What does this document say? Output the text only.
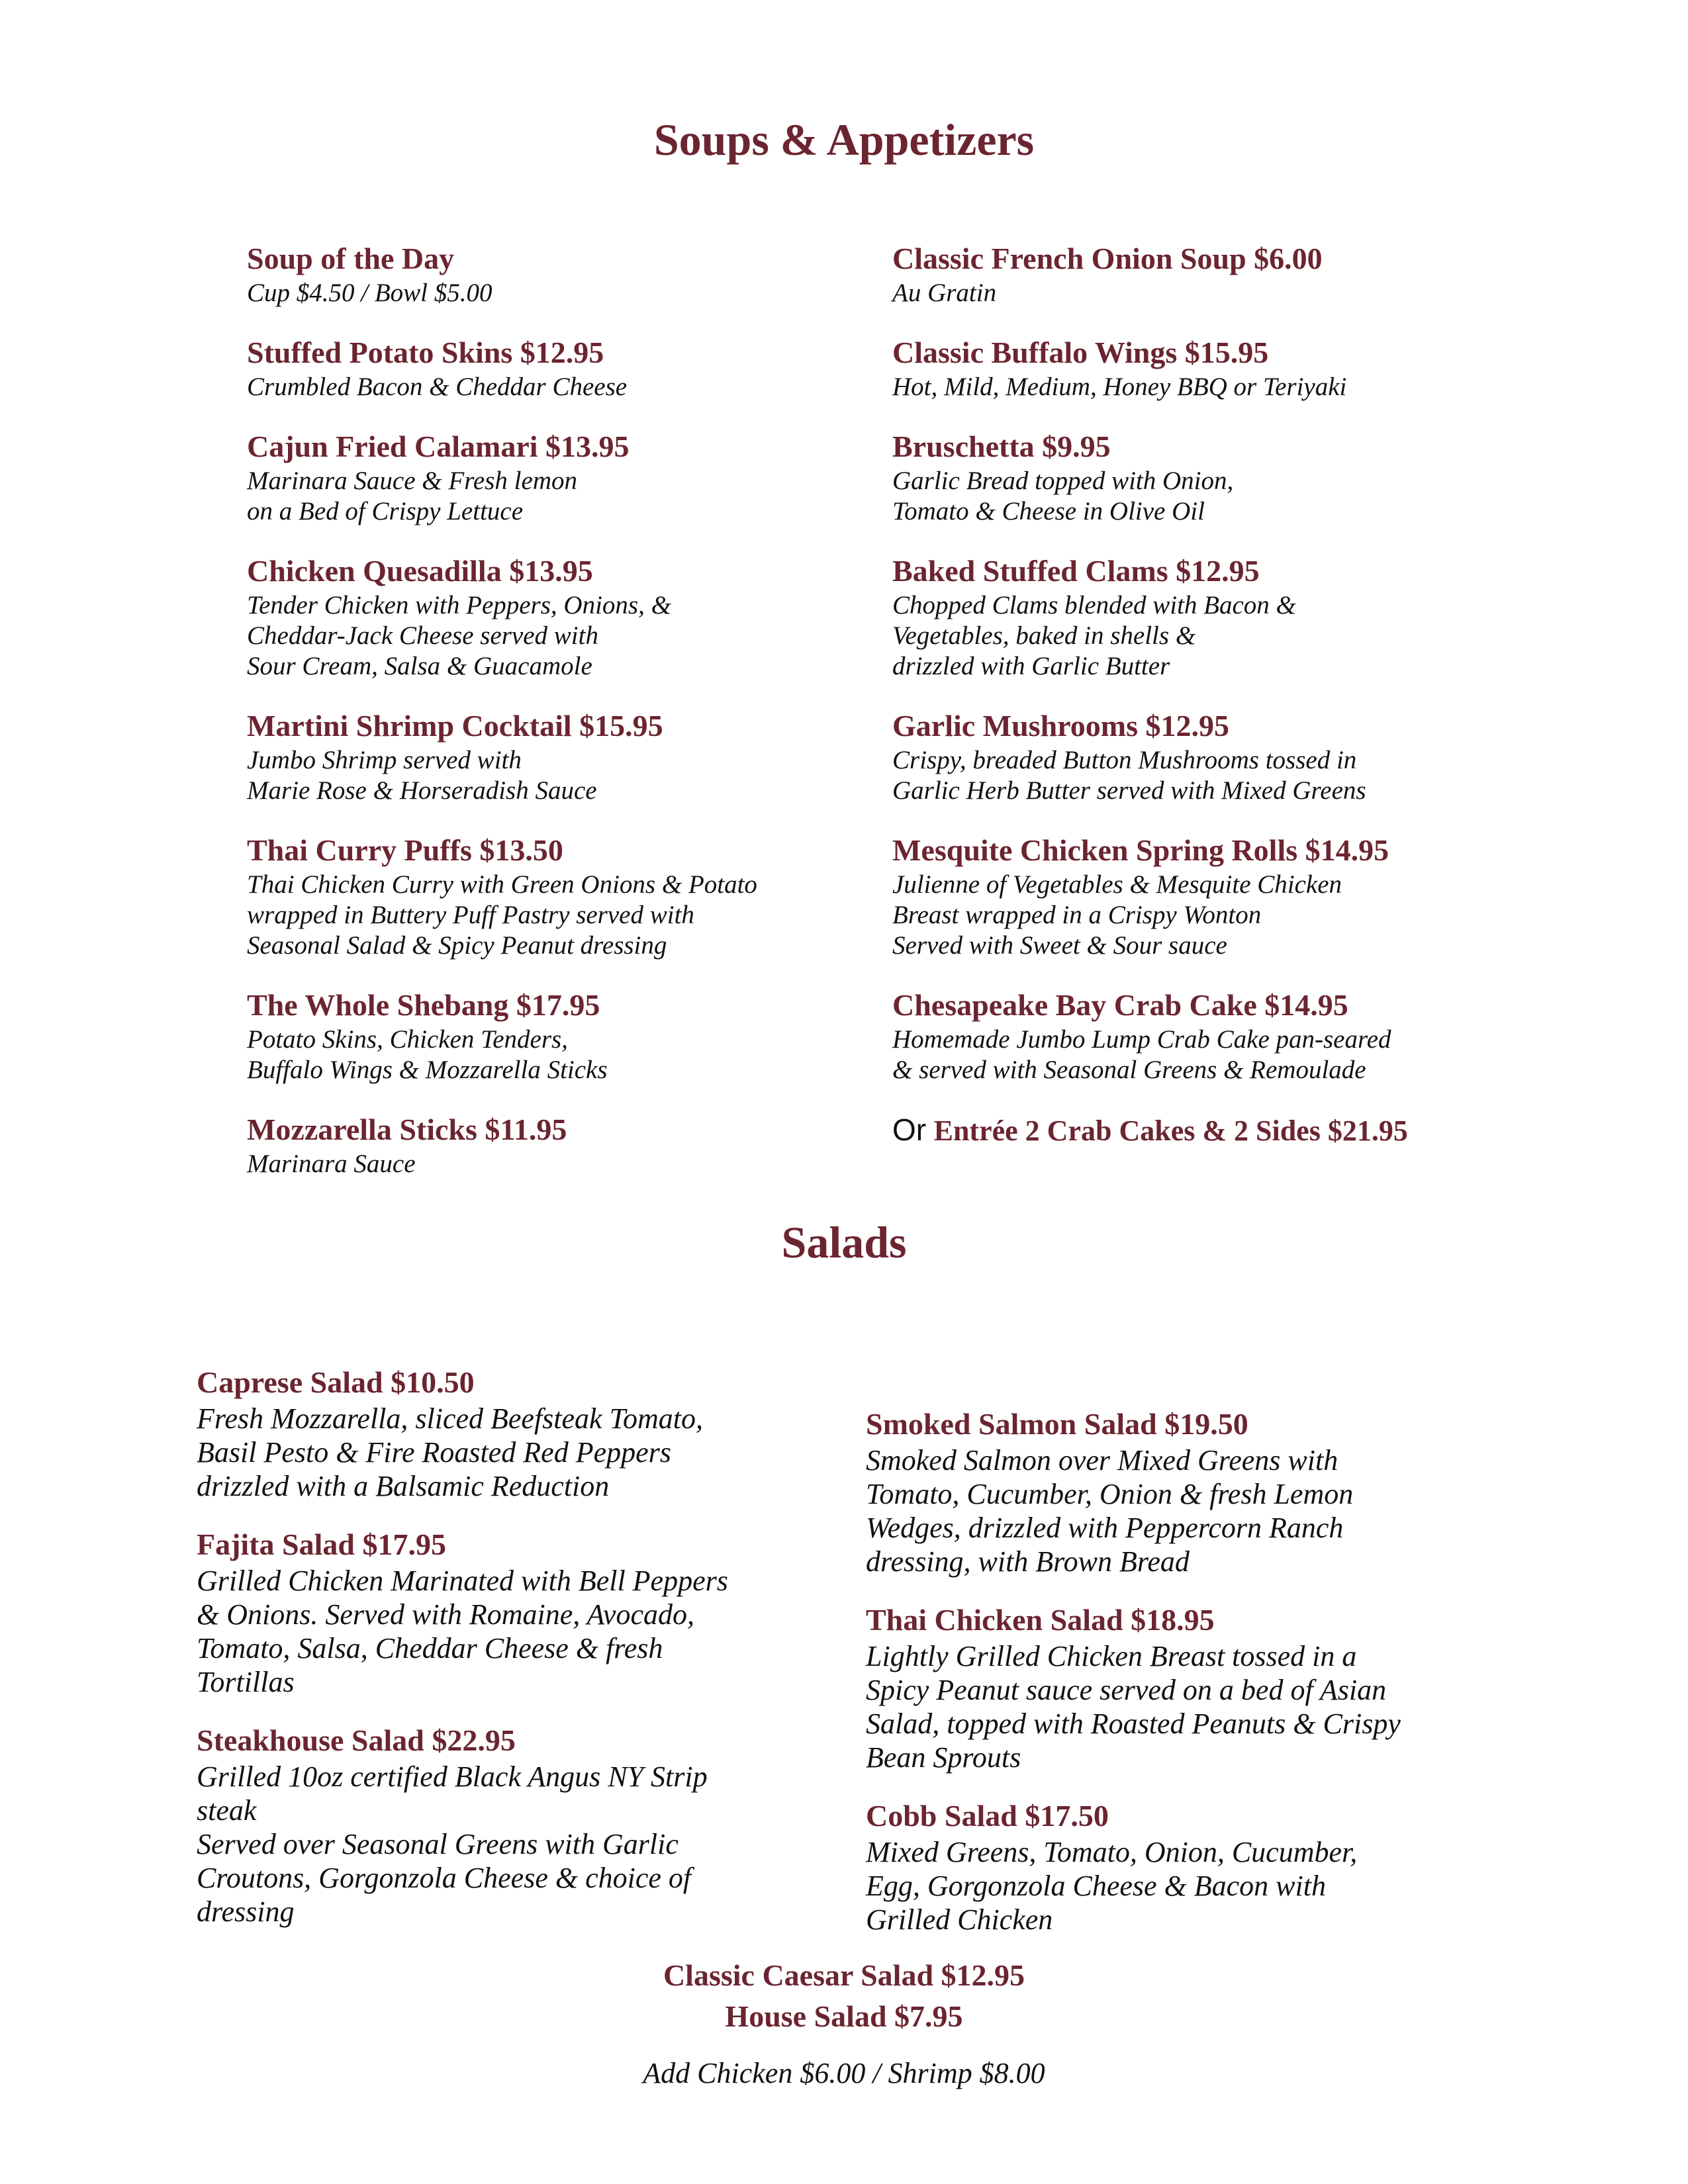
Soups & Appetizers
Soup of the Day
Cup $4.50 / Bowl $5.00
Stuffed Potato Skins $12.95
Crumbled Bacon & Cheddar Cheese
Cajun Fried Calamari $13.95
Marinara Sauce & Fresh lemon
on a Bed of Crispy Lettuce
Chicken Quesadilla $13.95
Tender Chicken with Peppers, Onions, &
Cheddar-Jack Cheese served with
Sour Cream, Salsa & Guacamole
Martini Shrimp Cocktail $15.95
Jumbo Shrimp served with
Marie Rose & Horseradish Sauce
Thai Curry Puffs $13.50
Thai Chicken Curry with Green Onions & Potato
wrapped in Buttery Puff Pastry served with
Seasonal Salad & Spicy Peanut dressing
The Whole Shebang $17.95
Potato Skins, Chicken Tenders,
Buffalo Wings & Mozzarella Sticks
Mozzarella Sticks $11.95
Marinara Sauce
Classic French Onion Soup $6.00
Au Gratin
Classic Buffalo Wings $15.95
Hot, Mild, Medium, Honey BBQ or Teriyaki
Bruschetta $9.95
Garlic Bread topped with Onion,
Tomato & Cheese in Olive Oil
Baked Stuffed Clams $12.95
Chopped Clams blended with Bacon &
Vegetables, baked in shells &
drizzled with Garlic Butter
Garlic Mushrooms $12.95
Crispy, breaded Button Mushrooms tossed in
Garlic Herb Butter served with Mixed Greens
Mesquite Chicken Spring Rolls $14.95
Julienne of Vegetables & Mesquite Chicken
Breast wrapped in a Crispy Wonton
Served with Sweet & Sour sauce
Chesapeake Bay Crab Cake $14.95
Homemade Jumbo Lump Crab Cake pan-seared
& served with Seasonal Greens & Remoulade
Or Entrée 2 Crab Cakes & 2 Sides $21.95
Salads
Caprese Salad $10.50
Fresh Mozzarella, sliced Beefsteak Tomato,
Basil Pesto & Fire Roasted Red Peppers
drizzled with a Balsamic Reduction
Fajita Salad $17.95
Grilled Chicken Marinated with Bell Peppers
& Onions. Served with Romaine, Avocado,
Tomato, Salsa, Cheddar Cheese & fresh
Tortillas
Steakhouse Salad $22.95
Grilled 10oz certified Black Angus NY Strip
steak
Served over Seasonal Greens with Garlic
Croutons, Gorgonzola Cheese & choice of
dressing
Smoked Salmon Salad $19.50
Smoked Salmon over Mixed Greens with
Tomato, Cucumber, Onion & fresh Lemon
Wedges, drizzled with Peppercorn Ranch
dressing, with Brown Bread
Thai Chicken Salad $18.95
Lightly Grilled Chicken Breast tossed in a
Spicy Peanut sauce served on a bed of Asian
Salad, topped with Roasted Peanuts & Crispy
Bean Sprouts
Cobb Salad $17.50
Mixed Greens, Tomato, Onion, Cucumber,
Egg, Gorgonzola Cheese & Bacon with
Grilled Chicken
Classic Caesar Salad $12.95
House Salad $7.95
Add Chicken $6.00 / Shrimp $8.00
